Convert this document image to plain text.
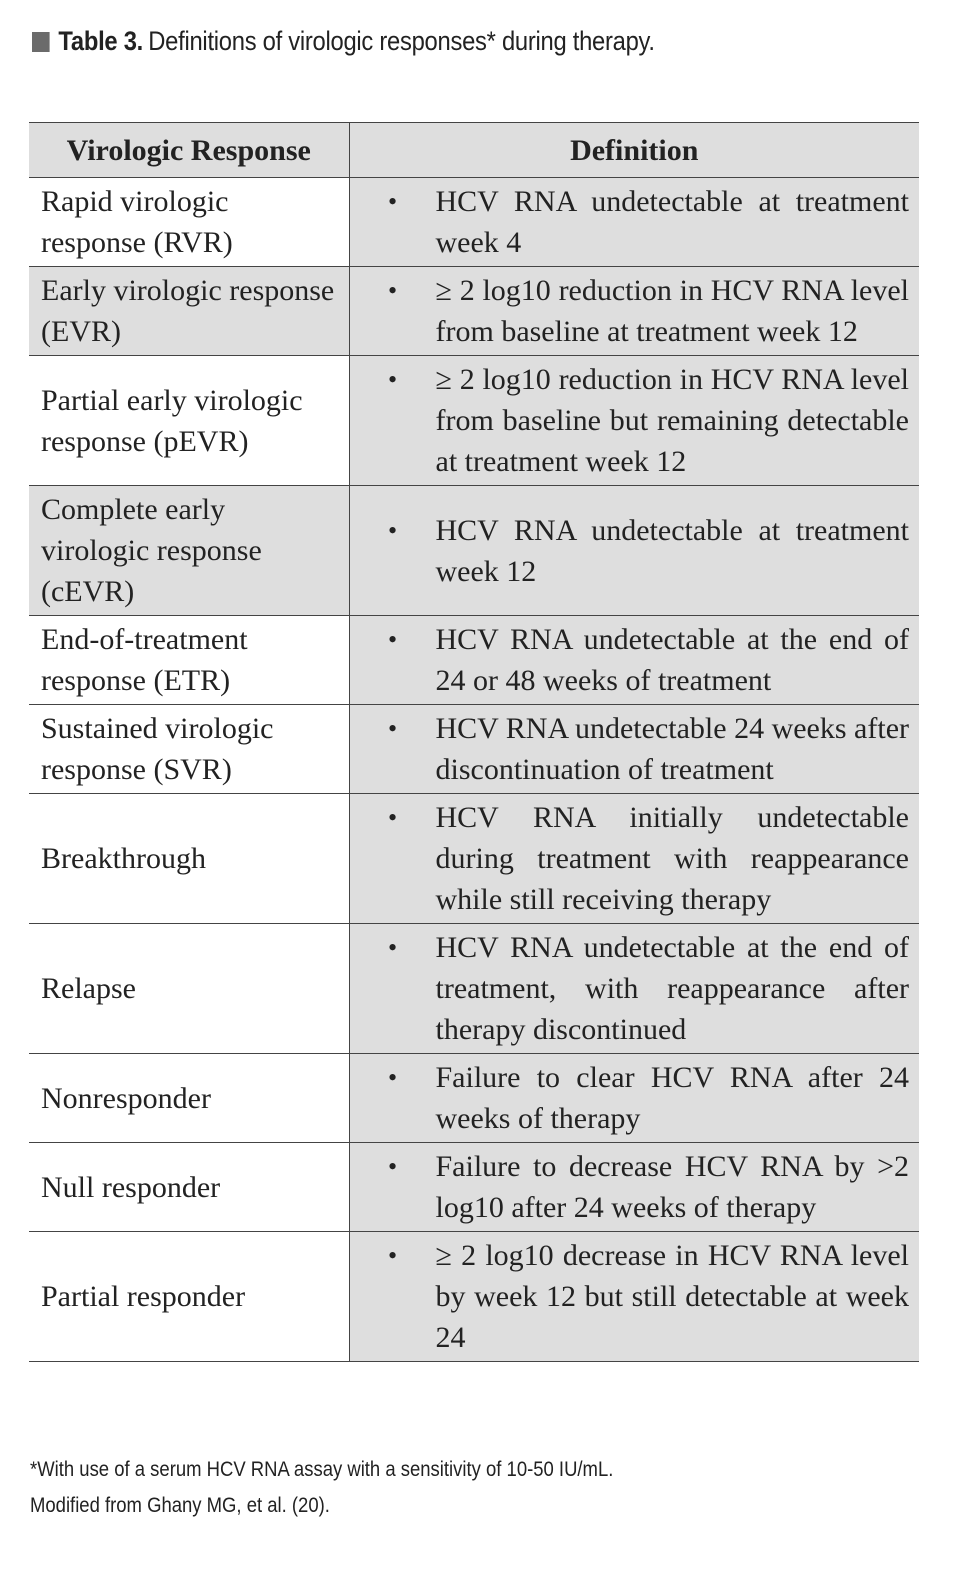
Table 3. Definitions of virologic responses* during therapy.
Virologic Response	Definition
Rapid virologic response (RVR)	• HCV RNA undetectable at treatment week 4

Early virologic response (EVR)	• ≥ 2 log10 reduction in HCV RNA level from baseline at treatment week 12

Partial early virologic response (pEVR)	• ≥ 2 log10 reduction in HCV RNA level from baseline but remaining detectable at treatment week 12

Complete early virologic response (cEVR)	• HCV RNA undetectable at treatment week 12

End-of-treatment response (ETR)	• HCV RNA undetectable at the end of 24 or 48 weeks of treatment

Sustained virologic response (SVR)	• HCV RNA undetectable 24 weeks after discontinuation of treatment

Breakthrough	• HCV RNA initially undetectable during treatment with reappearance while still receiving therapy

Relapse	• HCV RNA undetectable at the end of treatment, with reappearance after therapy discontinued

Nonresponder	• Failure to clear HCV RNA after 24 weeks of therapy

Null responder	• Failure to decrease HCV RNA by >2 log10 after 24 weeks of therapy

Partial responder	• ≥ 2 log10 decrease in HCV RNA level by week 12 but still detectable at week 24
*With use of a serum HCV RNA assay with a sensitivity of 10-50 IU/mL.
Modified from Ghany MG, et al. (20).
